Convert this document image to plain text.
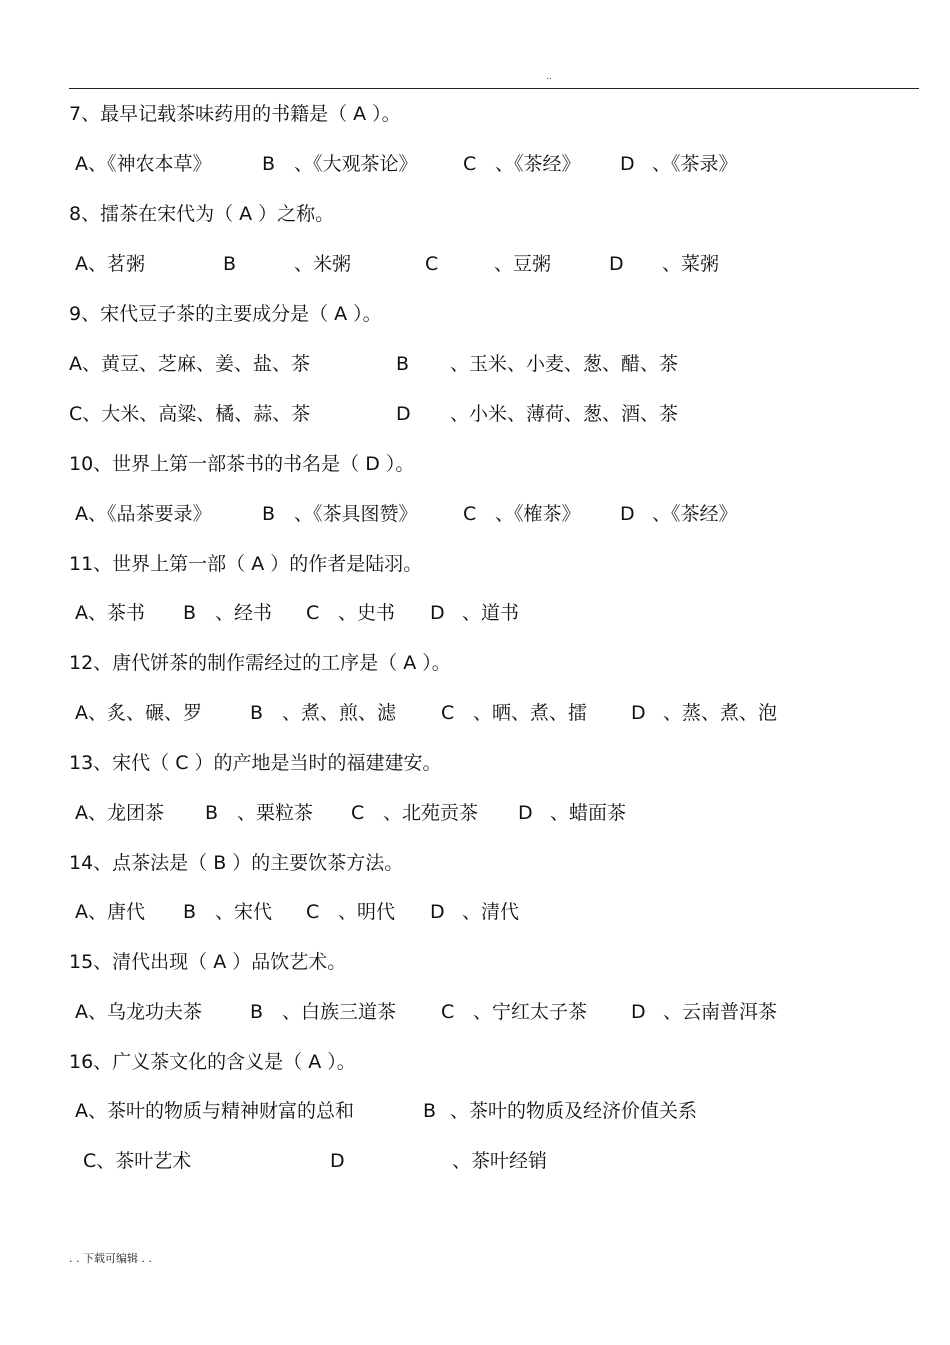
..
7、最早记载茶味药用的书籍是（ A ）。
A、《神农本草》	B 、《大观茶论》 C 、《茶经》 D 、《茶录》
8、擂茶在宋代为（ A ）之称。
A、茗粥	B	、米粥	C	、豆粥	D 、菜粥
9、宋代豆子茶的主要成分是（ A ）。
A、黄豆、芝麻、姜、盐、茶	B 、玉米、小麦、葱、醋、茶
C、大米、高粱、橘、蒜、茶	D 、小米、薄荷、葱、酒、茶
10、世界上第一部茶书的书名是（ D ）。
A、《品茶要录》	B 、《茶具图赞》 C 、《榷茶》 D 、《茶经》
11、世界上第一部（ A ）的作者是陆羽。
A、茶书 B 、经书 C 、史书 D 、道书
12、唐代饼茶的制作需经过的工序是（ A ）。
A、炙、碾、罗	B 、煮、煎、滤 C 、晒、煮、擂 D 、蒸、煮、泡
13、宋代（ C ）的产地是当时的福建建安。
A、龙团茶 B 、栗粒茶 C 、北苑贡茶 D 、蜡面茶
14、点茶法是（ B ）的主要饮茶方法。
A、唐代 B 、宋代 C 、明代 D 、清代
15、清代出现（ A ）品饮艺术。
A、乌龙功夫茶	B 、白族三道茶 C 、宁红太子茶 D 、云南普洱茶
16、广义茶文化的含义是（ A ）。
A、茶叶的物质与精神财富的总和	B 、茶叶的物质及经济价值关系
C、茶叶艺术	D	、茶叶经销
. . 下载可编辑 . .
